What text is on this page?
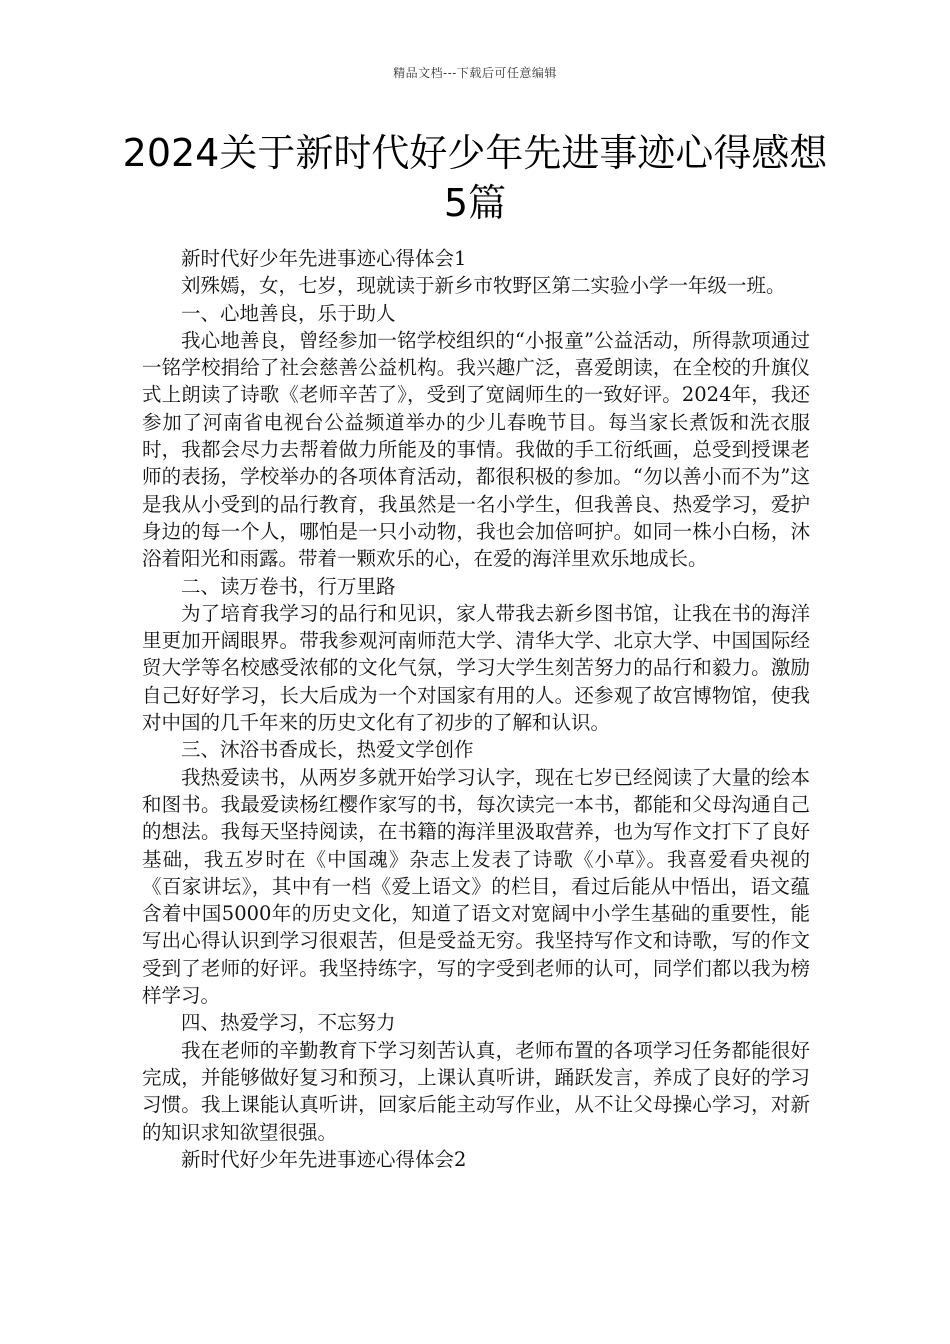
精品文档---下载后可任意编辑
2024关于新时代好少年先进事迹心得感想5篇

新时代好少年先进事迹心得体会1

刘殊嫣，女，七岁，现就读于新乡市牧野区第二实验小学一年级一班。

一、心地善良，乐于助人

我心地善良，曾经参加一铭学校组织的“小报童”公益活动，所得款项通过一铭学校捐给了社会慈善公益机构。我兴趣广泛，喜爱朗读，在全校的升旗仪式上朗读了诗歌《老师辛苦了》，受到了宽阔师生的一致好评。2024年，我还参加了河南省电视台公益频道举办的少儿春晚节目。每当家长煮饭和洗衣服时，我都会尽力去帮着做力所能及的事情。我做的手工衍纸画，总受到授课老师的表扬，学校举办的各项体育活动，都很积极的参加。“勿以善小而不为”这是我从小受到的品行教育，我虽然是一名小学生，但我善良、热爱学习，爱护身边的每一个人，哪怕是一只小动物，我也会加倍呵护。如同一株小白杨，沐浴着阳光和雨露。带着一颗欢乐的心，在爱的海洋里欢乐地成长。

二、读万卷书，行万里路

为了培育我学习的品行和见识，家人带我去新乡图书馆，让我在书的海洋里更加开阔眼界。带我参观河南师范大学、清华大学、北京大学、中国国际经贸大学等名校感受浓郁的文化气氛，学习大学生刻苦努力的品行和毅力。激励自己好好学习，长大后成为一个对国家有用的人。还参观了故宫博物馆，使我对中国的几千年来的历史文化有了初步的了解和认识。

三、沐浴书香成长，热爱文学创作

我热爱读书，从两岁多就开始学习认字，现在七岁已经阅读了大量的绘本和图书。我最爱读杨红樱作家写的书，每次读完一本书，都能和父母沟通自己的想法。我每天坚持阅读，在书籍的海洋里汲取营养，也为写作文打下了良好基础，我五岁时在《中国魂》杂志上发表了诗歌《小草》。我喜爱看央视的《百家讲坛》，其中有一档《爱上语文》的栏目，看过后能从中悟出，语文蕴含着中国5000年的历史文化，知道了语文对宽阔中小学生基础的重要性，能写出心得认识到学习很艰苦，但是受益无穷。我坚持写作文和诗歌，写的作文受到了老师的好评。我坚持练字，写的字受到老师的认可，同学们都以我为榜样学习。

四、热爱学习，不忘努力

我在老师的辛勤教育下学习刻苦认真，老师布置的各项学习任务都能很好完成，并能够做好复习和预习，上课认真听讲，踊跃发言，养成了良好的学习习惯。我上课能认真听讲，回家后能主动写作业，从不让父母操心学习，对新的知识求知欲望很强。

新时代好少年先进事迹心得体会2
